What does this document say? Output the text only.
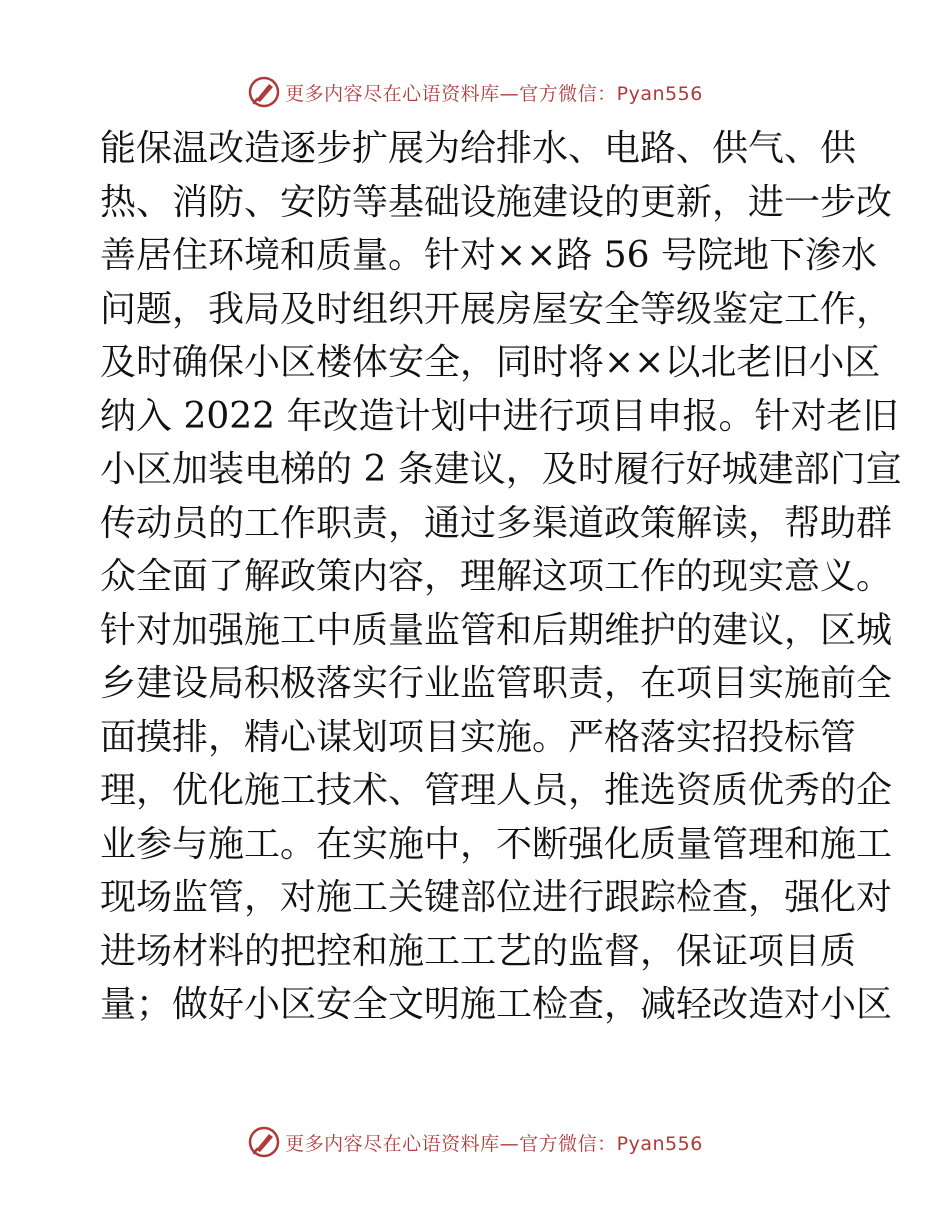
更多内容尽在心语资料库—官方微信：Pyan556
能保温改造逐步扩展为给排水、电路、供气、供
热、消防、安防等基础设施建设的更新，进一步改
善居住环境和质量。针对××路 56 号院地下渗水
问题，我局及时组织开展房屋安全等级鉴定工作，
及时确保小区楼体安全，同时将××以北老旧小区
纳入 2022 年改造计划中进行项目申报。针对老旧
小区加装电梯的 2 条建议，及时履行好城建部门宣
传动员的工作职责，通过多渠道政策解读，帮助群
众全面了解政策内容，理解这项工作的现实意义。
针对加强施工中质量监管和后期维护的建议，区城
乡建设局积极落实行业监管职责，在项目实施前全
面摸排，精心谋划项目实施。严格落实招投标管
理，优化施工技术、管理人员，推选资质优秀的企
业参与施工。在实施中，不断强化质量管理和施工
现场监管，对施工关键部位进行跟踪检查，强化对
进场材料的把控和施工工艺的监督，保证项目质
量；做好小区安全文明施工检查，减轻改造对小区
更多内容尽在心语资料库—官方微信：Pyan556
